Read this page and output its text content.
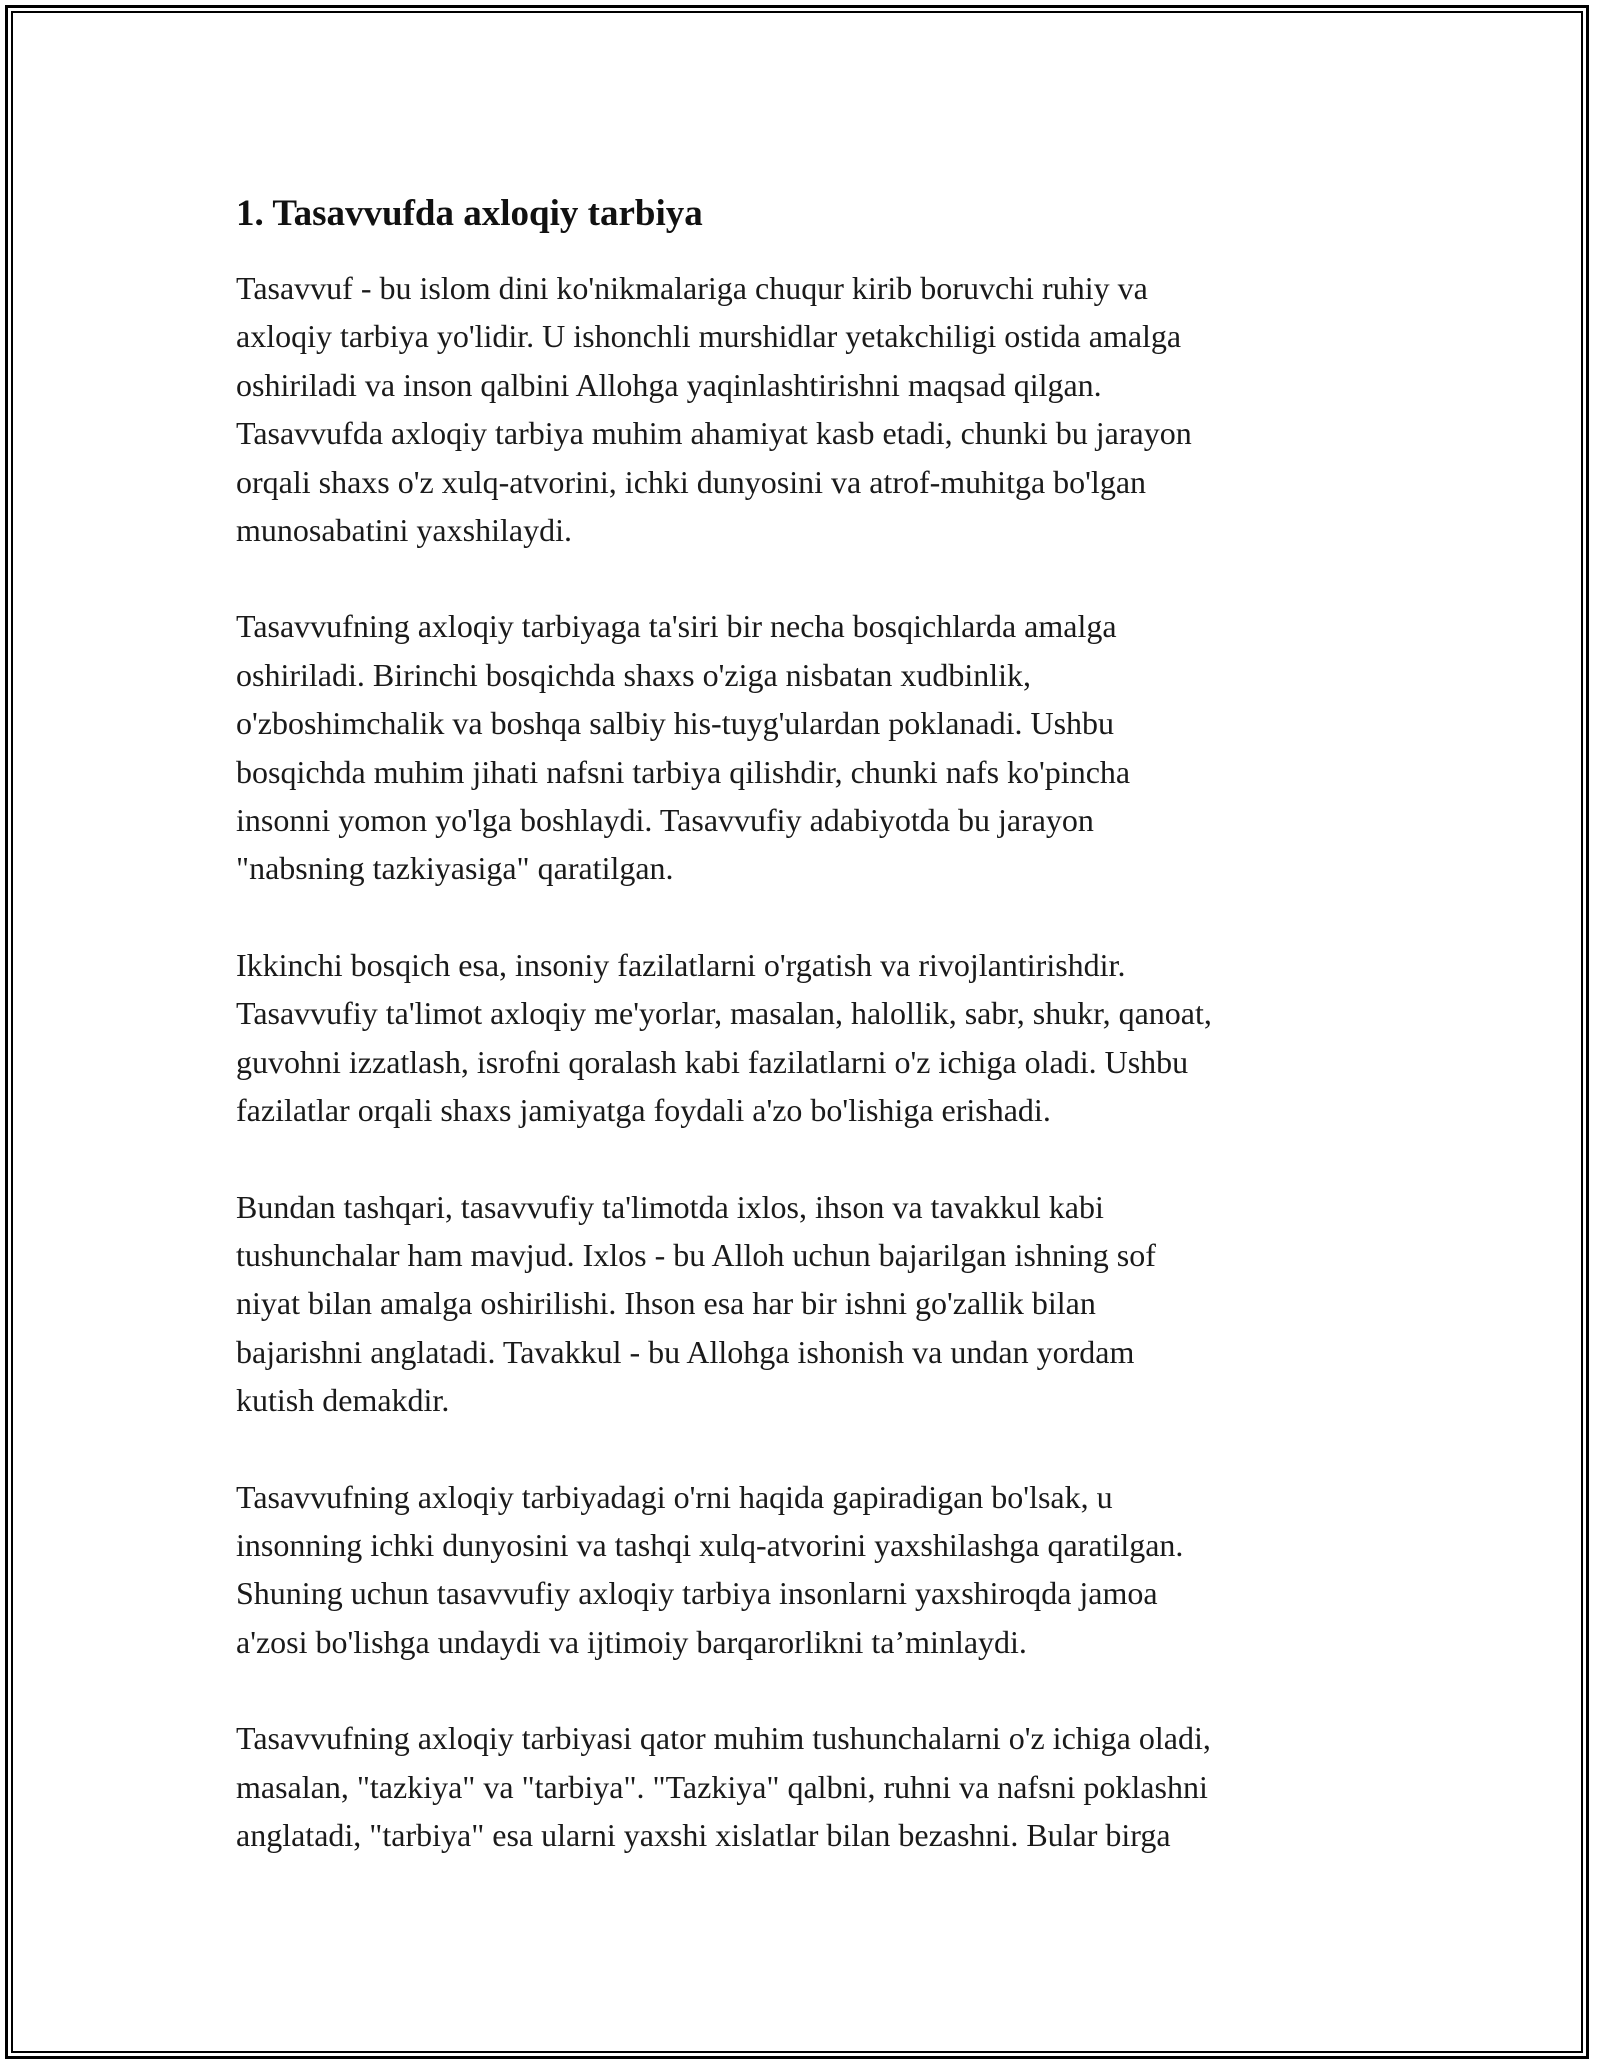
1. Tasavvufda axloqiy tarbiya

Tasavvuf - bu islom dini ko'nikmalariga chuqur kirib boruvchi ruhiy va
axloqiy tarbiya yo'lidir. U ishonchli murshidlar yetakchiligi ostida amalga
oshiriladi va inson qalbini Allohga yaqinlashtirishni maqsad qilgan.
Tasavvufda axloqiy tarbiya muhim ahamiyat kasb etadi, chunki bu jarayon
orqali shaxs o'z xulq-atvorini, ichki dunyosini va atrof-muhitga bo'lgan
munosabatini yaxshilaydi.

Tasavvufning axloqiy tarbiyaga ta'siri bir necha bosqichlarda amalga
oshiriladi. Birinchi bosqichda shaxs o'ziga nisbatan xudbinlik,
o'zboshimchalik va boshqa salbiy his-tuyg'ulardan poklanadi. Ushbu
bosqichda muhim jihati nafsni tarbiya qilishdir, chunki nafs ko'pincha
insonni yomon yo'lga boshlaydi. Tasavvufiy adabiyotda bu jarayon
"nabsning tazkiyasiga" qaratilgan.

Ikkinchi bosqich esa, insoniy fazilatlarni o'rgatish va rivojlantirishdir.
Tasavvufiy ta'limot axloqiy me'yorlar, masalan, halollik, sabr, shukr, qanoat,
guvohni izzatlash, isrofni qoralash kabi fazilatlarni o'z ichiga oladi. Ushbu
fazilatlar orqali shaxs jamiyatga foydali a'zo bo'lishiga erishadi.

Bundan tashqari, tasavvufiy ta'limotda ixlos, ihson va tavakkul kabi
tushunchalar ham mavjud. Ixlos - bu Alloh uchun bajarilgan ishning sof
niyat bilan amalga oshirilishi. Ihson esa har bir ishni go'zallik bilan
bajarishni anglatadi. Tavakkul - bu Allohga ishonish va undan yordam
kutish demakdir.

Tasavvufning axloqiy tarbiyadagi o'rni haqida gapiradigan bo'lsak, u
insonning ichki dunyosini va tashqi xulq-atvorini yaxshilashga qaratilgan.
Shuning uchun tasavvufiy axloqiy tarbiya insonlarni yaxshiroqda jamoa
a'zosi bo'lishga undaydi va ijtimoiy barqarorlikni ta’minlaydi.

Tasavvufning axloqiy tarbiyasi qator muhim tushunchalarni o'z ichiga oladi,
masalan, "tazkiya" va "tarbiya". "Tazkiya" qalbni, ruhni va nafsni poklashni
anglatadi, "tarbiya" esa ularni yaxshi xislatlar bilan bezashni. Bular birga
